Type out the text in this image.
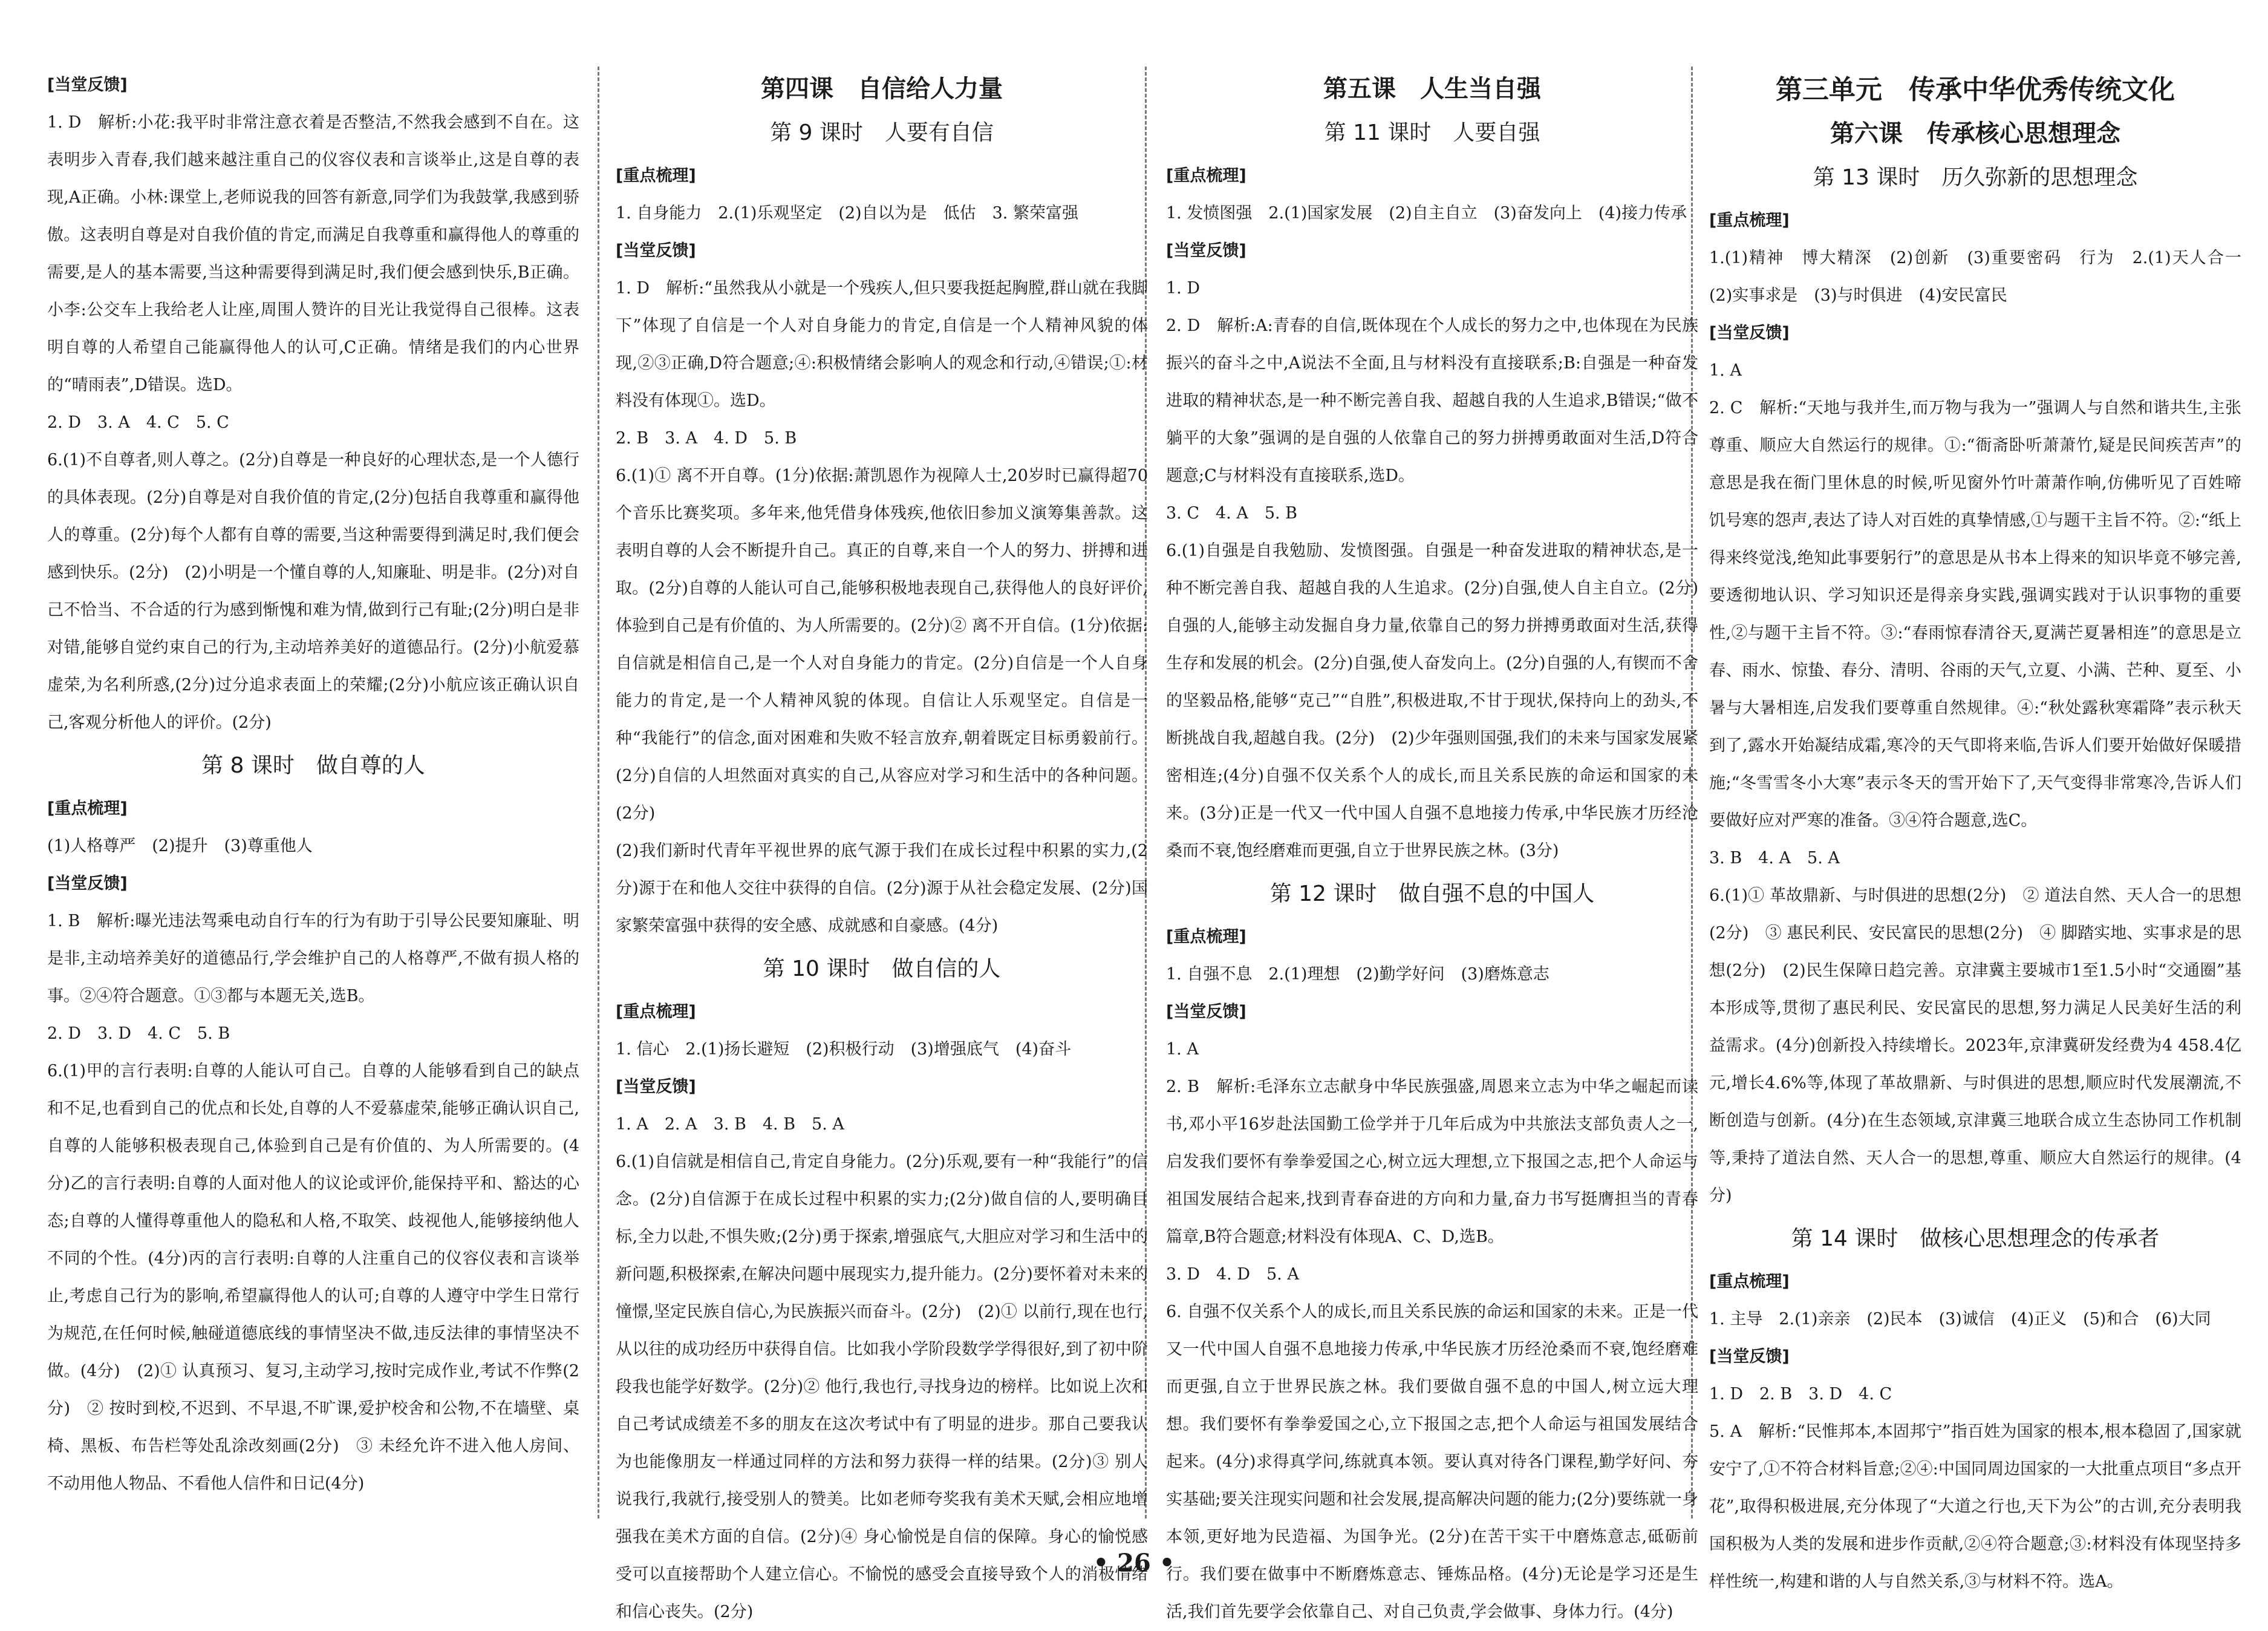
[当堂反馈]

1. D　解析:小花:我平时非常注意衣着是否整洁,不然我会感到不自在。这表明步入青春,我们越来越注重自己的仪容仪表和言谈举止,这是自尊的表现,A正确。小林:课堂上,老师说我的回答有新意,同学们为我鼓掌,我感到骄傲。这表明自尊是对自我价值的肯定,而满足自我尊重和赢得他人的尊重的需要,是人的基本需要,当这种需要得到满足时,我们便会感到快乐,B正确。小李:公交车上我给老人让座,周围人赞许的目光让我觉得自己很棒。这表明自尊的人希望自己能赢得他人的认可,C正确。情绪是我们的内心世界的“晴雨表”,D错误。选D。

2. D　3. A　4. C　5. C

6.(1)不自尊者,则人尊之。(2分)自尊是一种良好的心理状态,是一个人德行的具体表现。(2分)自尊是对自我价值的肯定,(2分)包括自我尊重和赢得他人的尊重。(2分)每个人都有自尊的需要,当这种需要得到满足时,我们便会感到快乐。(2分)　(2)小明是一个懂自尊的人,知廉耻、明是非。(2分)对自己不恰当、不合适的行为感到惭愧和难为情,做到行己有耻;(2分)明白是非对错,能够自觉约束自己的行为,主动培养美好的道德品行。(2分)小航爱慕虚荣,为名利所惑,(2分)过分追求表面上的荣耀;(2分)小航应该正确认识自己,客观分析他人的评价。(2分)

第 8 课时　做自尊的人
[重点梳理]

(1)人格尊严　(2)提升　(3)尊重他人

[当堂反馈]

1. B　解析:曝光违法驾乘电动自行车的行为有助于引导公民要知廉耻、明是非,主动培养美好的道德品行,学会维护自己的人格尊严,不做有损人格的事。②④符合题意。①③都与本题无关,选B。

2. D　3. D　4. C　5. B

6.(1)甲的言行表明:自尊的人能认可自己。自尊的人能够看到自己的缺点和不足,也看到自己的优点和长处,自尊的人不爱慕虚荣,能够正确认识自己,自尊的人能够积极表现自己,体验到自己是有价值的、为人所需要的。(4分)乙的言行表明:自尊的人面对他人的议论或评价,能保持平和、豁达的心态;自尊的人懂得尊重他人的隐私和人格,不取笑、歧视他人,能够接纳他人不同的个性。(4分)丙的言行表明:自尊的人注重自己的仪容仪表和言谈举止,考虑自己行为的影响,希望赢得他人的认可;自尊的人遵守中学生日常行为规范,在任何时候,触碰道德底线的事情坚决不做,违反法律的事情坚决不做。(4分)　(2)① 认真预习、复习,主动学习,按时完成作业,考试不作弊(2分)　② 按时到校,不迟到、不早退,不旷课,爱护校舍和公物,不在墙壁、桌椅、黑板、布告栏等处乱涂改刻画(2分)　③ 未经允许不进入他人房间、不动用他人物品、不看他人信件和日记(4分)

第四课　自信给人力量
第 9 课时　人要有自信
[重点梳理]

1. 自身能力　2.(1)乐观坚定　(2)自以为是　低估　3. 繁荣富强

[当堂反馈]

1. D　解析:“虽然我从小就是一个残疾人,但只要我挺起胸膛,群山就在我脚下”体现了自信是一个人对自身能力的肯定,自信是一个人精神风貌的体现,②③正确,D符合题意;④:积极情绪会影响人的观念和行动,④错误;①:材料没有体现①。选D。

2. B　3. A　4. D　5. B

6.(1)① 离不开自尊。(1分)依据:萧凯恩作为视障人士,20岁时已赢得超70个音乐比赛奖项。多年来,他凭借身体残疾,他依旧参加义演筹集善款。这表明自尊的人会不断提升自己。真正的自尊,来自一个人的努力、拼搏和进取。(2分)自尊的人能认可自己,能够积极地表现自己,获得他人的良好评价,体验到自己是有价值的、为人所需要的。(2分)② 离不开自信。(1分)依据:自信就是相信自己,是一个人对自身能力的肯定。(2分)自信是一个人自身能力的肯定,是一个人精神风貌的体现。自信让人乐观坚定。自信是一种“我能行”的信念,面对困难和失败不轻言放弃,朝着既定目标勇毅前行。(2分)自信的人坦然面对真实的自己,从容应对学习和生活中的各种问题。(2分)

(2)我们新时代青年平视世界的底气源于我们在成长过程中积累的实力,(2分)源于在和他人交往中获得的自信。(2分)源于从社会稳定发展、(2分)国家繁荣富强中获得的安全感、成就感和自豪感。(4分)

第 10 课时　做自信的人
[重点梳理]

1. 信心　2.(1)扬长避短　(2)积极行动　(3)增强底气　(4)奋斗

[当堂反馈]

1. A　2. A　3. B　4. B　5. A

6.(1)自信就是相信自己,肯定自身能力。(2分)乐观,要有一种“我能行”的信念。(2分)自信源于在成长过程中积累的实力;(2分)做自信的人,要明确目标,全力以赴,不惧失败;(2分)勇于探索,增强底气,大胆应对学习和生活中的新问题,积极探索,在解决问题中展现实力,提升能力。(2分)要怀着对未来的憧憬,坚定民族自信心,为民族振兴而奋斗。(2分)　(2)① 以前行,现在也行,从以往的成功经历中获得自信。比如我小学阶段数学学得很好,到了初中阶段我也能学好数学。(2分)② 他行,我也行,寻找身边的榜样。比如说上次和自己考试成绩差不多的朋友在这次考试中有了明显的进步。那自己要我认为也能像朋友一样通过同样的方法和努力获得一样的结果。(2分)③ 别人说我行,我就行,接受别人的赞美。比如老师夸奖我有美术天赋,会相应地增强我在美术方面的自信。(2分)④ 身心愉悦是自信的保障。身心的愉悦感受可以直接帮助个人建立信心。不愉悦的感受会直接导致个人的消极情绪和信心丧失。(2分)

第五课　人生当自强
第 11 课时　人要自强
[重点梳理]

1. 发愤图强　2.(1)国家发展　(2)自主自立　(3)奋发向上　(4)接力传承

[当堂反馈]

1. D

2. D　解析:A:青春的自信,既体现在个人成长的努力之中,也体现在为民族振兴的奋斗之中,A说法不全面,且与材料没有直接联系;B:自强是一种奋发进取的精神状态,是一种不断完善自我、超越自我的人生追求,B错误;“做不躺平的大象”强调的是自强的人依靠自己的努力拼搏勇敢面对生活,D符合题意;C与材料没有直接联系,选D。

3. C　4. A　5. B

6.(1)自强是自我勉励、发愤图强。自强是一种奋发进取的精神状态,是一种不断完善自我、超越自我的人生追求。(2分)自强,使人自主自立。(2分)自强的人,能够主动发掘自身力量,依靠自己的努力拼搏勇敢面对生活,获得生存和发展的机会。(2分)自强,使人奋发向上。(2分)自强的人,有锲而不舍的坚毅品格,能够“克己”“自胜”,积极进取,不甘于现状,保持向上的劲头,不断挑战自我,超越自我。(2分)　(2)少年强则国强,我们的未来与国家发展紧密相连;(4分)自强不仅关系个人的成长,而且关系民族的命运和国家的未来。(3分)正是一代又一代中国人自强不息地接力传承,中华民族才历经沧桑而不衰,饱经磨难而更强,自立于世界民族之林。(3分)

第 12 课时　做自强不息的中国人
[重点梳理]

1. 自强不息　2.(1)理想　(2)勤学好问　(3)磨炼意志

[当堂反馈]

1. A

2. B　解析:毛泽东立志献身中华民族强盛,周恩来立志为中华之崛起而读书,邓小平16岁赴法国勤工俭学并于几年后成为中共旅法支部负责人之一,启发我们要怀有拳拳爱国之心,树立远大理想,立下报国之志,把个人命运与祖国发展结合起来,找到青春奋进的方向和力量,奋力书写挺膺担当的青春篇章,B符合题意;材料没有体现A、C、D,选B。

3. D　4. D　5. A

6. 自强不仅关系个人的成长,而且关系民族的命运和国家的未来。正是一代又一代中国人自强不息地接力传承,中华民族才历经沧桑而不衰,饱经磨难而更强,自立于世界民族之林。我们要做自强不息的中国人,树立远大理想。我们要怀有拳拳爱国之心,立下报国之志,把个人命运与祖国发展结合起来。(4分)求得真学问,练就真本领。要认真对待各门课程,勤学好问、夯实基础;要关注现实问题和社会发展,提高解决问题的能力;(2分)要练就一身本领,更好地为民造福、为国争光。(2分)在苦干实干中磨炼意志,砥砺前行。我们要在做事中不断磨炼意志、锤炼品格。(4分)无论是学习还是生活,我们首先要学会依靠自己、对自己负责,学会做事、身体力行。(4分)

第三单元　传承中华优秀传统文化
第六课　传承核心思想理念
第 13 课时　历久弥新的思想理念
[重点梳理]

1.(1)精神　博大精深　(2)创新　(3)重要密码　行为　2.(1)天人合一　(2)实事求是　(3)与时俱进　(4)安民富民

[当堂反馈]

1. A

2. C　解析:“天地与我并生,而万物与我为一”强调人与自然和谐共生,主张尊重、顺应大自然运行的规律。①:“衙斋卧听萧萧竹,疑是民间疾苦声”的意思是我在衙门里休息的时候,听见窗外竹叶萧萧作响,仿佛听见了百姓啼饥号寒的怨声,表达了诗人对百姓的真挚情感,①与题干主旨不符。②:“纸上得来终觉浅,绝知此事要躬行”的意思是从书本上得来的知识毕竟不够完善,要透彻地认识、学习知识还是得亲身实践,强调实践对于认识事物的重要性,②与题干主旨不符。③:“春雨惊春清谷天,夏满芒夏暑相连”的意思是立春、雨水、惊蛰、春分、清明、谷雨的天气,立夏、小满、芒种、夏至、小暑与大暑相连,启发我们要尊重自然规律。④:“秋处露秋寒霜降”表示秋天到了,露水开始凝结成霜,寒冷的天气即将来临,告诉人们要开始做好保暖措施;“冬雪雪冬小大寒”表示冬天的雪开始下了,天气变得非常寒冷,告诉人们要做好应对严寒的准备。③④符合题意,选C。

3. B　4. A　5. A

6.(1)① 革故鼎新、与时俱进的思想(2分)　② 道法自然、天人合一的思想(2分)　③ 惠民利民、安民富民的思想(2分)　④ 脚踏实地、实事求是的思想(2分)　(2)民生保障日趋完善。京津冀主要城市1至1.5小时“交通圈”基本形成等,贯彻了惠民利民、安民富民的思想,努力满足人民美好生活的利益需求。(4分)创新投入持续增长。2023年,京津冀研发经费为4 458.4亿元,增长4.6%等,体现了革故鼎新、与时俱进的思想,顺应时代发展潮流,不断创造与创新。(4分)在生态领域,京津冀三地联合成立生态协同工作机制等,秉持了道法自然、天人合一的思想,尊重、顺应大自然运行的规律。(4分)

第 14 课时　做核心思想理念的传承者
[重点梳理]

1. 主导　2.(1)亲亲　(2)民本　(3)诚信　(4)正义　(5)和合　(6)大同

[当堂反馈]

1. D　2. B　3. D　4. C

5. A　解析:“民惟邦本,本固邦宁”指百姓为国家的根本,根本稳固了,国家就安宁了,①不符合材料旨意;②④:中国同周边国家的一大批重点项目“多点开花”,取得积极进展,充分体现了“大道之行也,天下为公”的古训,充分表明我国积极为人类的发展和进步作贡献,②④符合题意;③:材料没有体现坚持多样性统一,构建和谐的人与自然关系,③与材料不符。选A。

• 26 •
